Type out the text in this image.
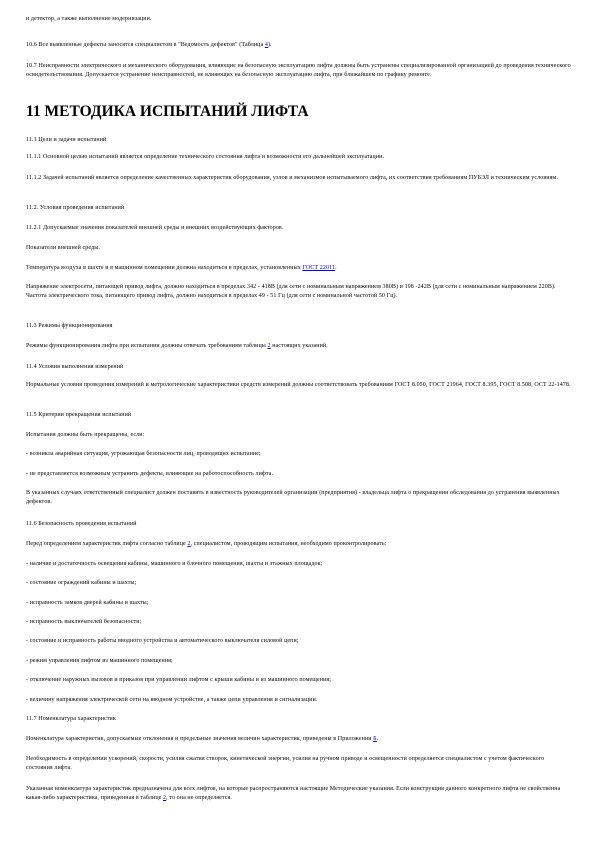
и детектор, а также выполнение модернизации.

10.6 Все выявленные дефекты заносятся специалистом в "Ведомость дефектов" (Таблица 4).

10.7 Неисправности электрического и механического оборудования, влияющие на безопасную эксплуатацию лифта должны быть устранены специализированной организацией до проведения технического освидетельствования. Допускается устранение неисправностей, не влияющих на безопасную эксплуатацию лифта, при ближайшем по графику ремонте.

11 МЕТОДИКА ИСПЫТАНИЙ ЛИФТА

11.1 Цели и задачи испытаний

11.1.1 Основной целью испытаний является определение технического состояния лифта и возможности его дальнейшей эксплуатации.

11.1.2 Задачей испытаний является определение качественных характеристик оборудования, узлов и механизмов испытываемого лифта, их соответствия требованиям ПУБЭЛ и техническим условиям.

11.2. Условия проведения испытаний

11.2.1 Допускаемые значения показателей внешней среды и внешних воздействующих факторов.

Показатели внешней среды.

Температура воздуха в шахте и в машинном помещении должна находиться в пределах, установленных ГОСТ 22011.

Напряжение электросети, питающей привод лифта, должно находиться в пределах 342 - 418В (для сети с номинальным напряжением 380В) и 198 -242В (для сети с номинальным напряжением 220В). Частота электрического тока, питающего привод лифта, должно находиться в пределах 49 - 51 Гц (для сети с номинальной частотой 50 Гц).

11.3 Режимы функционирования

Режимы функционирования лифта при испытании должны отвечать требованиям таблицы 2 настоящих указаний.

11.4 Условия выполнения измерений

Нормальные условия проведения измерений и метрологические характеристики средств измерений должны соответствовать требованиям ГОСТ 8.050, ГОСТ 21964, ГОСТ 8.395, ГОСТ 8.508, ОСТ 22-1478.

11.5 Критерии прекращения испытаний

Испытания должны быть прекращены, если:

- возникла аварийная ситуация, угрожающая безопасности лиц, проводящих испытание;

- не представляется возможным устранить дефекты, влияющие на работоспособность лифта.

В указанных случаях ответственный специалист должен поставить в известность руководителей организации (предприятия) - владельца лифта о прекращении обследования до устранения выявленных дефектов.

11.6 Безопасность проведения испытаний

Перед определением характеристик лифта согласно таблице 2, специалистом, проводящим испытания, необходимо проконтролировать:

- наличие и достаточность освещения кабины, машинного и блочного помещения, шахты и этажных площадок;

- состояние ограждений кабины и шахты;

- исправность замков дверей кабины и шахты;

- исправность выключателей безопасности;

- состояние и исправность работы вводного устройства и автоматического выключателя силовой цепи;

- режим управления лифтом из машинного помещения;

- отключение наружных вызовов и приказов при управлении лифтом с крыши кабины и из машинного помещения;

- величину напряжения электрической сети на вводном устройстве, а также цепи управления и сигнализации.

11.7 Номенклатура характеристик

Номенклатура характеристик, допускаемые отклонения и предельные значения величин характеристик, приведены в Приложении Б.

Необходимость в определении ускорений, скорости, усилия сжатия створок, кинетической энергии, усилия на ручном приводе и освещенности определяется специалистом с учетом фактического состояния лифта.

Указанная номенклатура характеристик предназначена для всех лифтов, на которые распространяются настоящие Методические указания. Если конструкция данного конкретного лифта не свойственна какая-либо характеристика, приведенная в таблице 2, то она не определяется.
